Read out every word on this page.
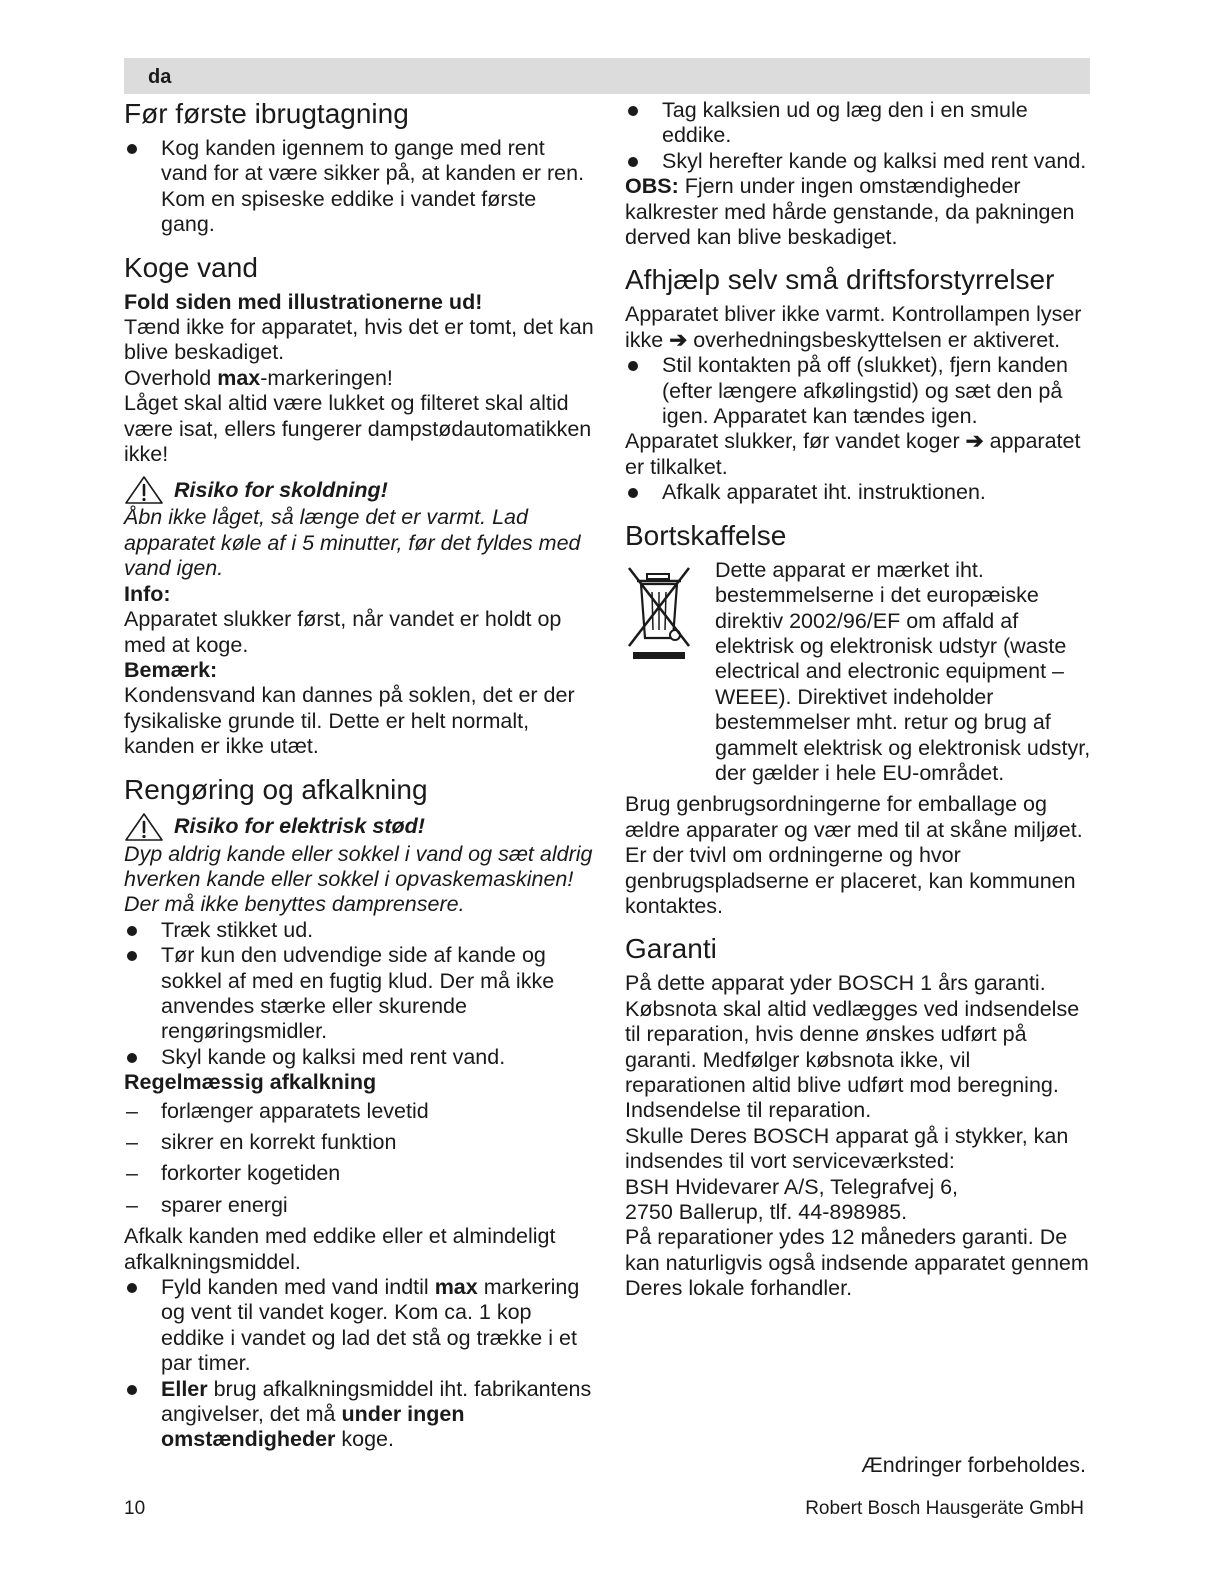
da
Før første ibrugtagning
Kog kanden igennem to gange med rent vand for at være sikker på, at kanden er ren. Kom en spiseske eddike i vandet første gang.
Koge vand

Fold siden med illustrationerne ud!

Tænd ikke for apparatet, hvis det er tomt, det kan blive beskadiget.

Overhold max-markeringen!

Låget skal altid være lukket og filteret skal altid være isat, ellers fungerer dampstødautomatikken ikke!

Risiko for skoldning!

Åbn ikke låget, så længe det er varmt. Lad apparatet køle af i 5 minutter, før det fyldes med vand igen.

Info:

Apparatet slukker først, når vandet er holdt op med at koge.

Bemærk:

Kondensvand kan dannes på soklen, det er der fysikaliske grunde til. Dette er helt normalt, kanden er ikke utæt.

Rengøring og afkalkning
Risiko for elektrisk stød!

Dyp aldrig kande eller sokkel i vand og sæt aldrig hverken kande eller sokkel i opvaskemaskinen!

Der må ikke benyttes damprensere.

Træk stikket ud.
Tør kun den udvendige side af kande og sokkel af med en fugtig klud. Der må ikke anvendes stærke eller skurende rengøringsmidler.
Skyl kande og kalksi med rent vand.

Regelmæssig afkalkning

– forlænger apparatets levetid
– sikrer en korrekt funktion
– forkorter kogetiden
– sparer energi

Afkalk kanden med eddike eller et almindeligt afkalkningsmiddel.

Fyld kanden med vand indtil max markering og vent til vandet koger. Kom ca. 1 kop eddike i vandet og lad det stå og trække i et par timer.
Eller brug afkalkningsmiddel iht. fabrikantens angivelser, det må under ingen omstændigheder koge.
Tag kalksien ud og læg den i en smule eddike.
Skyl herefter kande og kalksi med rent vand.

OBS: Fjern under ingen omstændigheder kalkrester med hårde genstande, da pakningen derved kan blive beskadiget.

Afhjælp selv små driftsforstyrrelser

Apparatet bliver ikke varmt. Kontrollampen lyser ikke ➔ overhedningsbeskyttelsen er aktiveret.

Stil kontakten på off (slukket), fjern kanden (efter længere afkølingstid) og sæt den på igen. Apparatet kan tændes igen.

Apparatet slukker, før vandet koger ➔ apparatet er tilkalket.

Afkalk apparatet iht. instruktionen.
Bortskaffelse

Dette apparat er mærket iht. bestemmelserne i det europæiske direktiv 2002/96/EF om affald af elektrisk og elektronisk udstyr (waste electrical and electronic equipment – WEEE). Direktivet indeholder bestemmelser mht. retur og brug af gammelt elektrisk og elektronisk udstyr, der gælder i hele EU-området.

Brug genbrugsordningerne for emballage og ældre apparater og vær med til at skåne miljøet. Er der tvivl om ordningerne og hvor genbrugspladserne er placeret, kan kommunen kontaktes.

Garanti

På dette apparat yder BOSCH 1 års garanti. Købsnota skal altid vedlægges ved indsendelse til reparation, hvis denne ønskes udført på garanti. Medfølger købsnota ikke, vil reparationen altid blive udført mod beregning. Indsendelse til reparation.

Skulle Deres BOSCH apparat gå i stykker, kan indsendes til vort serviceværksted:

BSH Hvidevarer A/S, Telegrafvej 6,

2750 Ballerup, tlf. 44-898985.

På reparationer ydes 12 måneders garanti. De kan naturligvis også indsende apparatet gennem Deres lokale forhandler.

Ændringer forbeholdes.
10	Robert Bosch Hausgeräte GmbH
